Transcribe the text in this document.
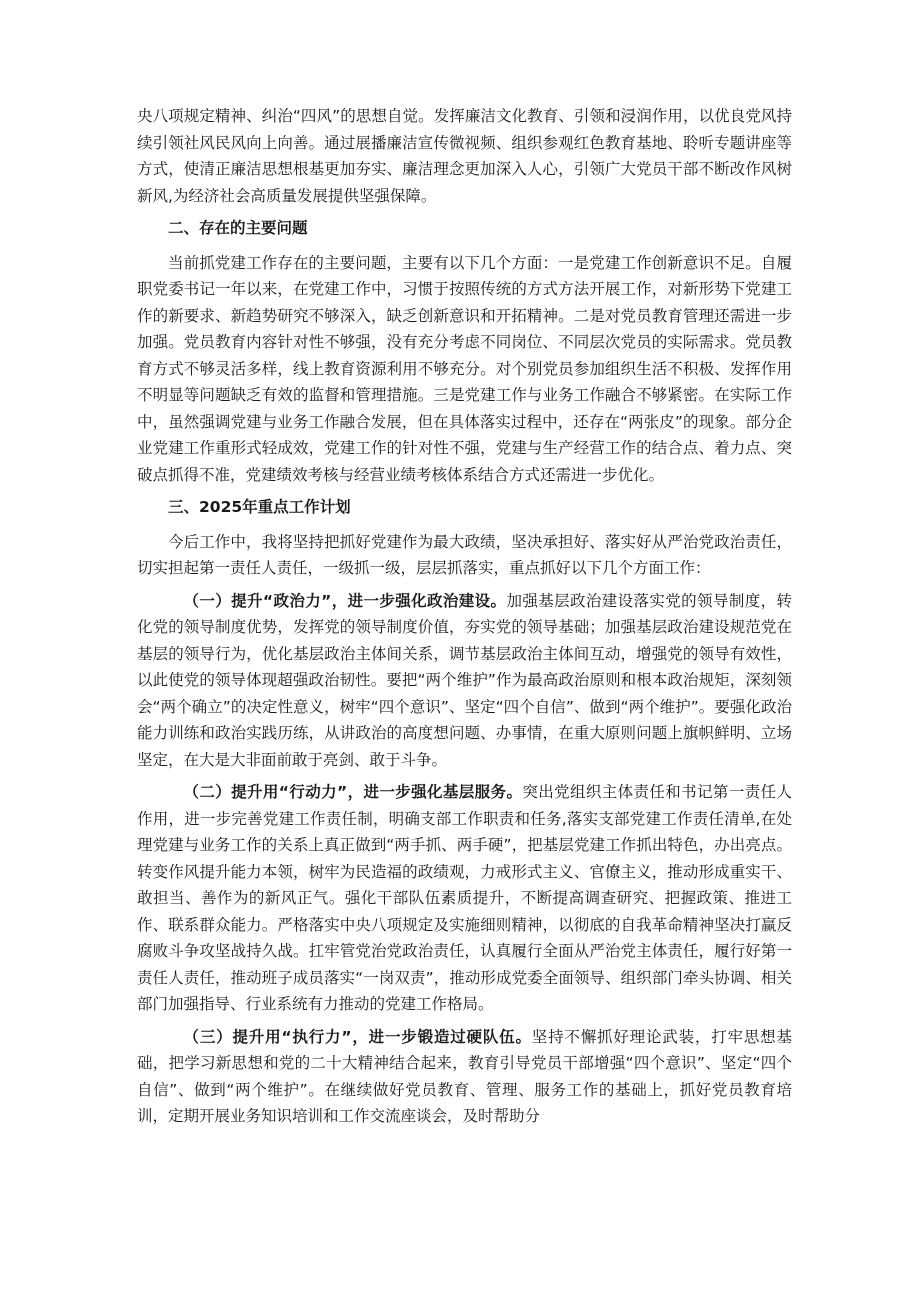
央八项规定精神、纠治“四风”的思想自觉。发挥廉洁文化教育、引领和浸润作用，以优良党风持续引领社风民风向上向善。通过展播廉洁宣传微视频、组织参观红色教育基地、聆听专题讲座等方式，使清正廉洁思想根基更加夯实、廉洁理念更加深入人心，引领广大党员干部不断改作风树新风,为经济社会高质量发展提供坚强保障。

二、存在的主要问题

当前抓党建工作存在的主要问题，主要有以下几个方面：一是党建工作创新意识不足。自履职党委书记一年以来，在党建工作中，习惯于按照传统的方式方法开展工作，对新形势下党建工作的新要求、新趋势研究不够深入，缺乏创新意识和开拓精神。二是对党员教育管理还需进一步加强。党员教育内容针对性不够强，没有充分考虑不同岗位、不同层次党员的实际需求。党员教育方式不够灵活多样，线上教育资源利用不够充分。对个别党员参加组织生活不积极、发挥作用不明显等问题缺乏有效的监督和管理措施。三是党建工作与业务工作融合不够紧密。在实际工作中，虽然强调党建与业务工作融合发展，但在具体落实过程中，还存在“两张皮”的现象。部分企业党建工作重形式轻成效，党建工作的针对性不强，党建与生产经营工作的结合点、着力点、突破点抓得不准，党建绩效考核与经营业绩考核体系结合方式还需进一步优化。

三、2025年重点工作计划

今后工作中，我将坚持把抓好党建作为最大政绩，坚决承担好、落实好从严治党政治责任，切实担起第一责任人责任，一级抓一级，层层抓落实，重点抓好以下几个方面工作：

（一）提升“政治力”，进一步强化政治建设。加强基层政治建设落实党的领导制度，转化党的领导制度优势，发挥党的领导制度价值，夯实党的领导基础；加强基层政治建设规范党在基层的领导行为，优化基层政治主体间关系，调节基层政治主体间互动，增强党的领导有效性，以此使党的领导体现超强政治韧性。要把“两个维护”作为最高政治原则和根本政治规矩，深刻领会“两个确立”的决定性意义，树牢“四个意识”、坚定“四个自信”、做到“两个维护”。要强化政治能力训练和政治实践历练，从讲政治的高度想问题、办事情，在重大原则问题上旗帜鲜明、立场坚定，在大是大非面前敢于亮剑、敢于斗争。

（二）提升用“行动力”，进一步强化基层服务。突出党组织主体责任和书记第一责任人作用，进一步完善党建工作责任制，明确支部工作职责和任务,落实支部党建工作责任清单,在处理党建与业务工作的关系上真正做到“两手抓、两手硬”，把基层党建工作抓出特色，办出亮点。转变作风提升能力本领，树牢为民造福的政绩观，力戒形式主义、官僚主义，推动形成重实干、敢担当、善作为的新风正气。强化干部队伍素质提升，不断提高调查研究、把握政策、推进工作、联系群众能力。严格落实中央八项规定及实施细则精神，以彻底的自我革命精神坚决打赢反腐败斗争攻坚战持久战。扛牢管党治党政治责任，认真履行全面从严治党主体责任，履行好第一责任人责任，推动班子成员落实“一岗双责”，推动形成党委全面领导、组织部门牵头协调、相关部门加强指导、行业系统有力推动的党建工作格局。

（三）提升用“执行力”，进一步锻造过硬队伍。坚持不懈抓好理论武装，打牢思想基础，把学习新思想和党的二十大精神结合起来，教育引导党员干部增强“四个意识”、坚定“四个自信”、做到“两个维护”。在继续做好党员教育、管理、服务工作的基础上，抓好党员教育培训，定期开展业务知识培训和工作交流座谈会，及时帮助分
